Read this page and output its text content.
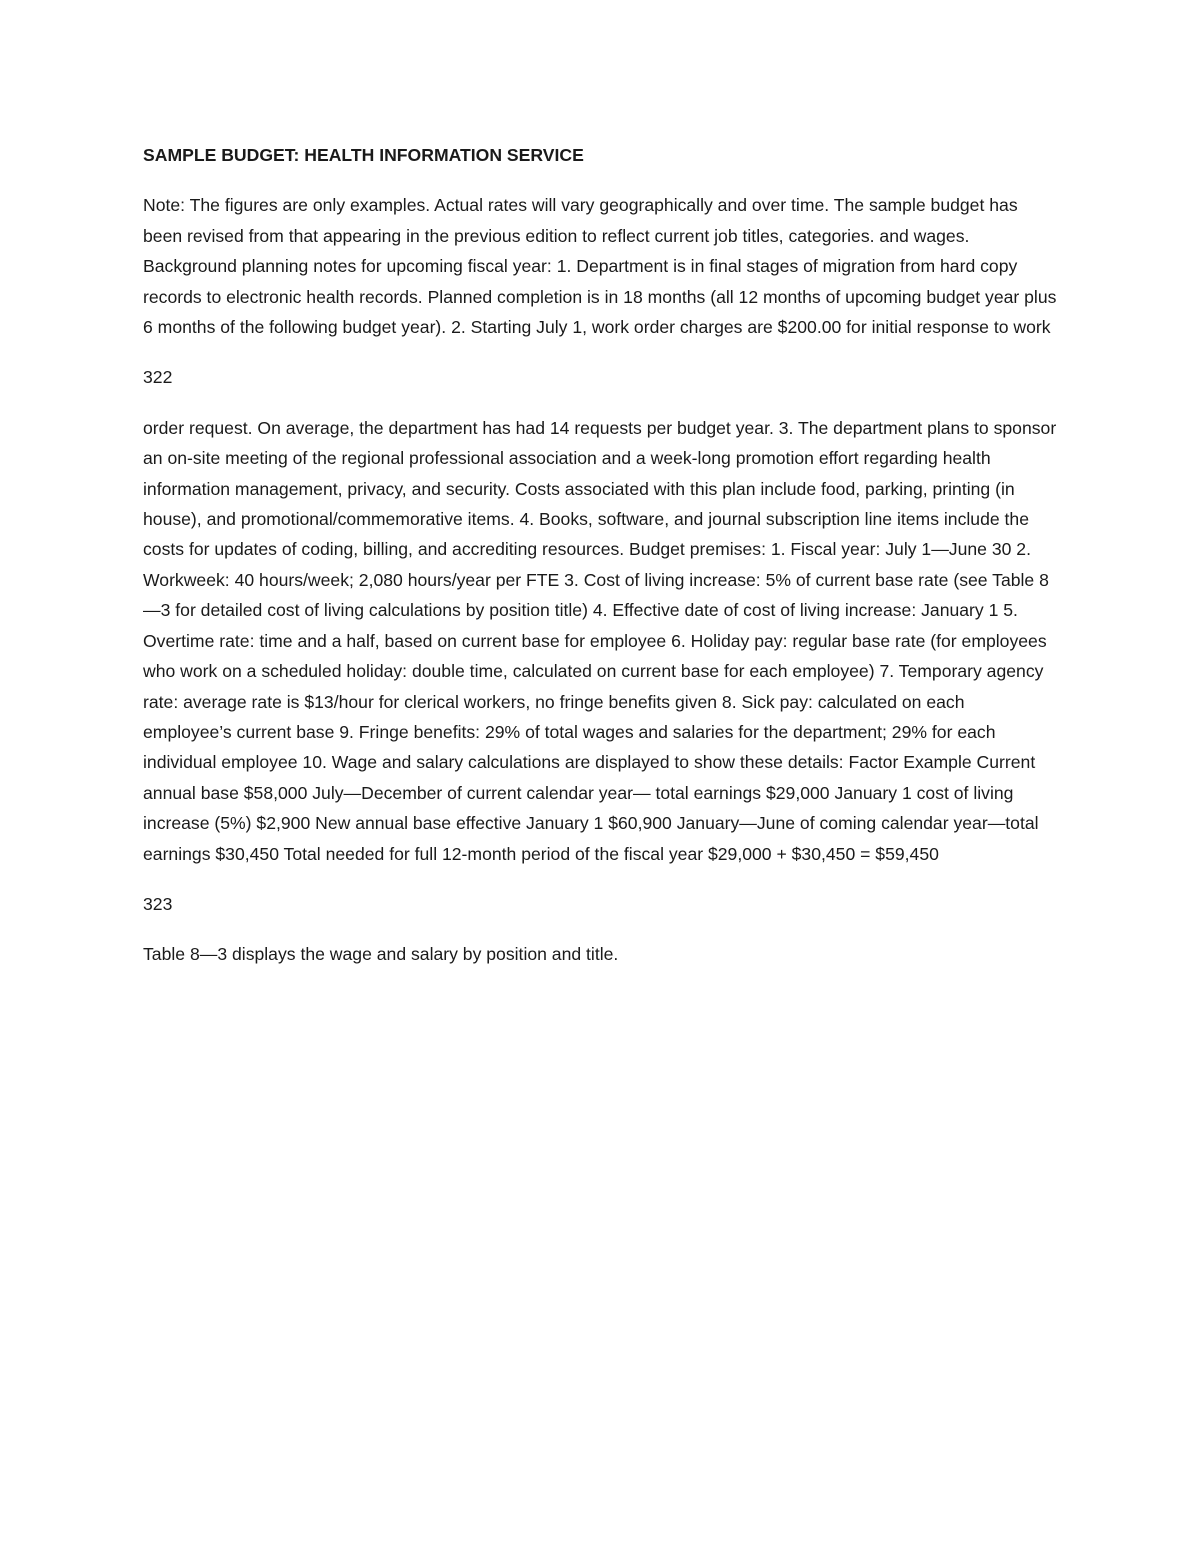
SAMPLE BUDGET: HEALTH INFORMATION SERVICE

Note: The figures are only examples. Actual rates will vary geographically and over time. The sample budget has been revised from that appearing in the previous edition to reflect current job titles, categories. and wages. Background planning notes for upcoming fiscal year: 1. Department is in final stages of migration from hard copy records to electronic health records. Planned completion is in 18 months (all 12 months of upcoming budget year plus 6 months of the following budget year). 2. Starting July 1, work order charges are $200.00 for initial response to work

322

order request. On average, the department has had 14 requests per budget year. 3. The department plans to sponsor an on-site meeting of the regional professional association and a week-long promotion effort regarding health information management, privacy, and security. Costs associated with this plan include food, parking, printing (in house), and promotional/commemorative items. 4. Books, software, and journal subscription line items include the costs for updates of coding, billing, and accrediting resources. Budget premises: 1. Fiscal year: July 1—June 30 2. Workweek: 40 hours/week; 2,080 hours/year per FTE 3. Cost of living increase: 5% of current base rate (see Table 8—3 for detailed cost of living calculations by position title) 4. Effective date of cost of living increase: January 1 5. Overtime rate: time and a half, based on current base for employee 6. Holiday pay: regular base rate (for employees who work on a scheduled holiday: double time, calculated on current base for each employee) 7. Temporary agency rate: average rate is $13/hour for clerical workers, no fringe benefits given 8. Sick pay: calculated on each employee’s current base 9. Fringe benefits: 29% of total wages and salaries for the department; 29% for each individual employee 10. Wage and salary calculations are displayed to show these details: Factor Example Current annual base $58,000 July—December of current calendar year— total earnings $29,000 January 1 cost of living increase (5%) $2,900 New annual base effective January 1 $60,900 January—June of coming calendar year—total earnings $30,450 Total needed for full 12-month period of the fiscal year $29,000 + $30,450 = $59,450

323

Table 8—3 displays the wage and salary by position and title.
